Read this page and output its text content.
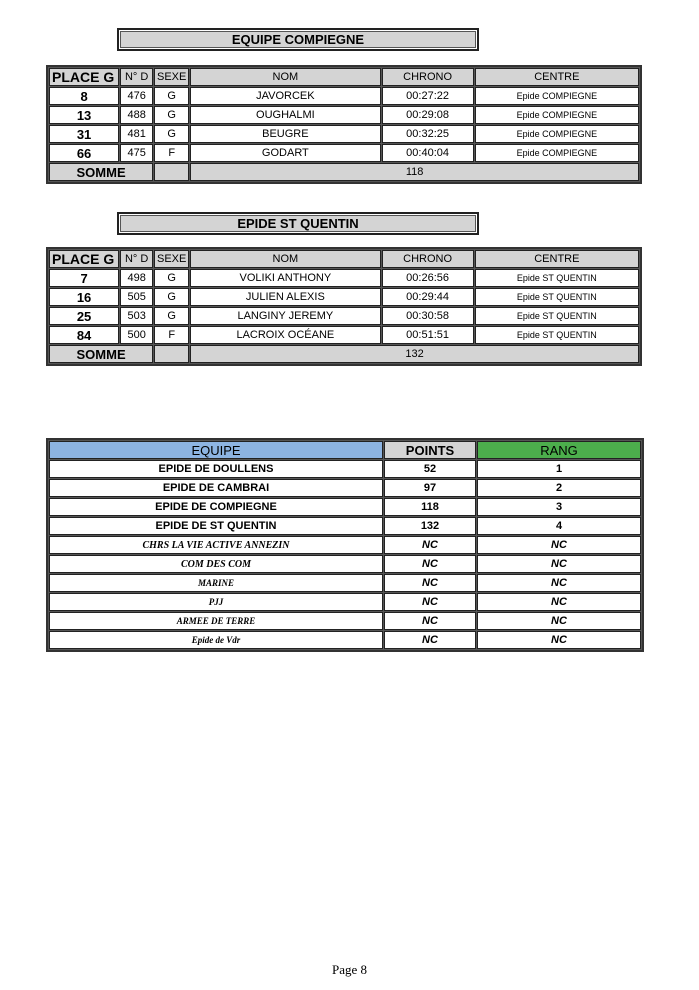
EQUIPE COMPIEGNE
PLACE G	N° D	SEXE	NOM	CHRONO	CENTRE
8	476	G	JAVORCEK	00:27:22	Epide COMPIEGNE
13	488	G	OUGHALMI	00:29:08	Epide COMPIEGNE
31	481	G	BEUGRE	00:32:25	Epide COMPIEGNE
66	475	F	GODART	00:40:04	Epide COMPIEGNE
SOMME			118		
EPIDE ST QUENTIN
PLACE G	N° D	SEXE	NOM	CHRONO	CENTRE
7	498	G	VOLIKI ANTHONY	00:26:56	Epide ST QUENTIN
16	505	G	JULIEN ALEXIS	00:29:44	Epide ST QUENTIN
25	503	G	LANGINY JEREMY	00:30:58	Epide ST QUENTIN
84	500	F	LACROIX OCÉANE	00:51:51	Epide ST QUENTIN
SOMME			132		
EQUIPE	POINTS	RANG
EPIDE DE DOULLENS	52	1
EPIDE DE CAMBRAI	97	2
EPIDE DE COMPIEGNE	118	3
EPIDE DE ST QUENTIN	132	4
CHRS LA VIE ACTIVE ANNEZIN	NC	NC
COM DES COM	NC	NC
MARINE	NC	NC
PJJ	NC	NC
ARMEE DE TERRE	NC	NC
Epide de Vdr	NC	NC
Page 8
